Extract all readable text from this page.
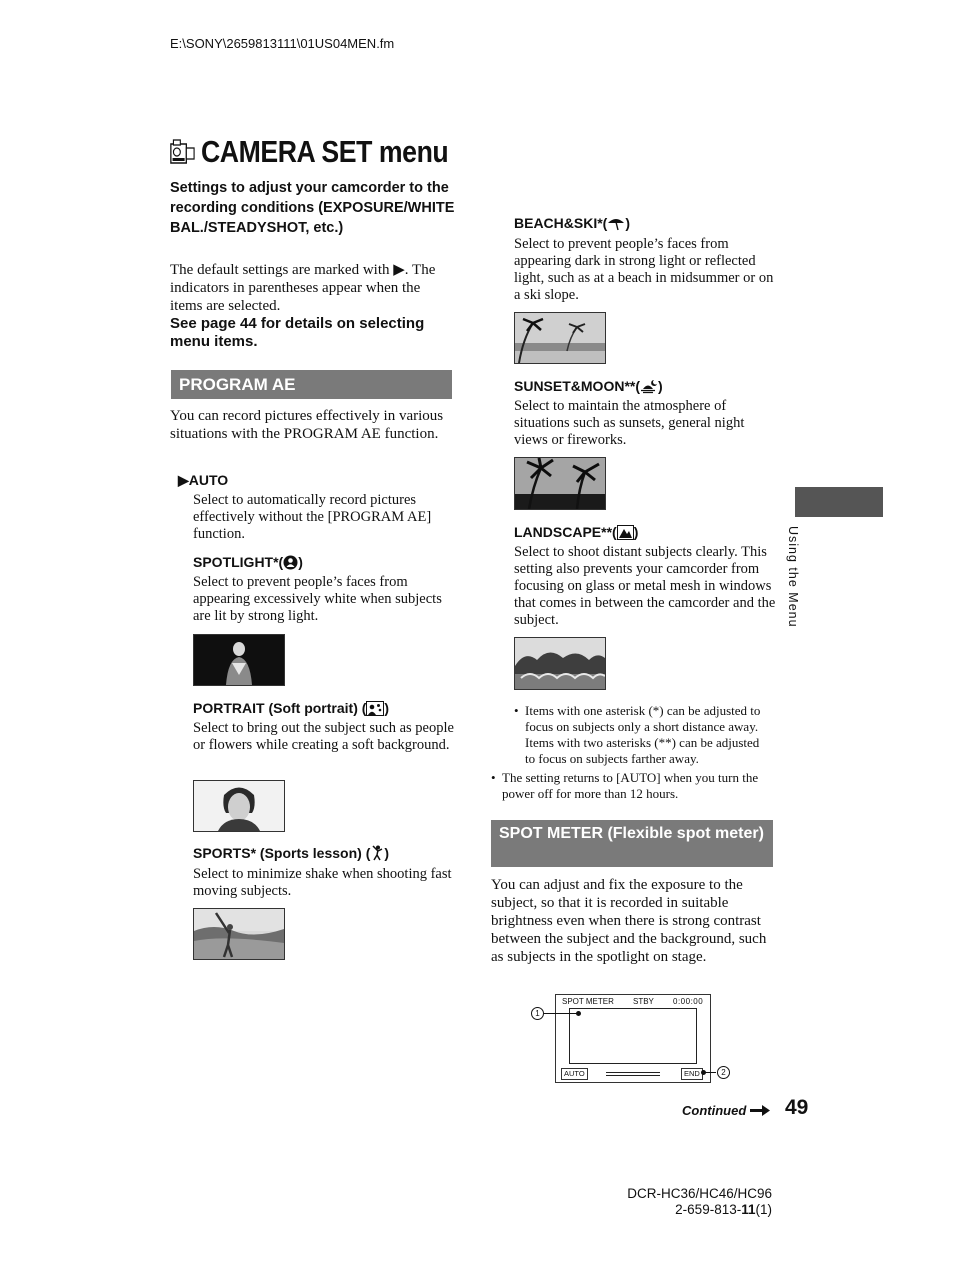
E:\SONY\2659813111\01US04MEN.fm
CAMERA SET menu
Settings to adjust your camcorder to the recording conditions (EXPOSURE/WHITE BAL./STEADYSHOT, etc.)
The default settings are marked with ▶. The indicators in parentheses appear when the items are selected.
See page 44 for details on selecting menu items.
PROGRAM AE
You can record pictures effectively in various situations with the PROGRAM AE function.
▶AUTO
Select to automatically record pictures effectively without the [PROGRAM AE] function.
SPOTLIGHT*( )
Select to prevent people’s faces from appearing excessively white when subjects are lit by strong light.
PORTRAIT (Soft portrait) ( )
Select to bring out the subject such as people or flowers while creating a soft background.
SPORTS* (Sports lesson) ( )
Select to minimize shake when shooting fast moving subjects.
BEACH&SKI*( )
Select to prevent people’s faces from appearing dark in strong light or reflected light, such as at a beach in midsummer or on a ski slope.
SUNSET&MOON**( )
Select to maintain the atmosphere of situations such as sunsets, general night views or fireworks.
LANDSCAPE**( )
Select to shoot distant subjects clearly. This setting also prevents your camcorder from focusing on glass or metal mesh in windows that comes in between the camcorder and the subject.
• Items with one asterisk (*) can be adjusted to focus on subjects only a short distance away. Items with two asterisks (**) can be adjusted to focus on subjects farther away.
• The setting returns to [AUTO] when you turn the power off for more than 12 hours.
SPOT METER (Flexible spot meter)
You can adjust and fix the exposure to the subject, so that it is recorded in suitable brightness even when there is strong contrast between the subject and the background, such as subjects in the spotlight on stage.
SPOT METER STBY 0:00:00
AUTO	END
1
2
Using the Menu
Continued	49
DCR-HC36/HC46/HC96
2-659-813-11(1)
